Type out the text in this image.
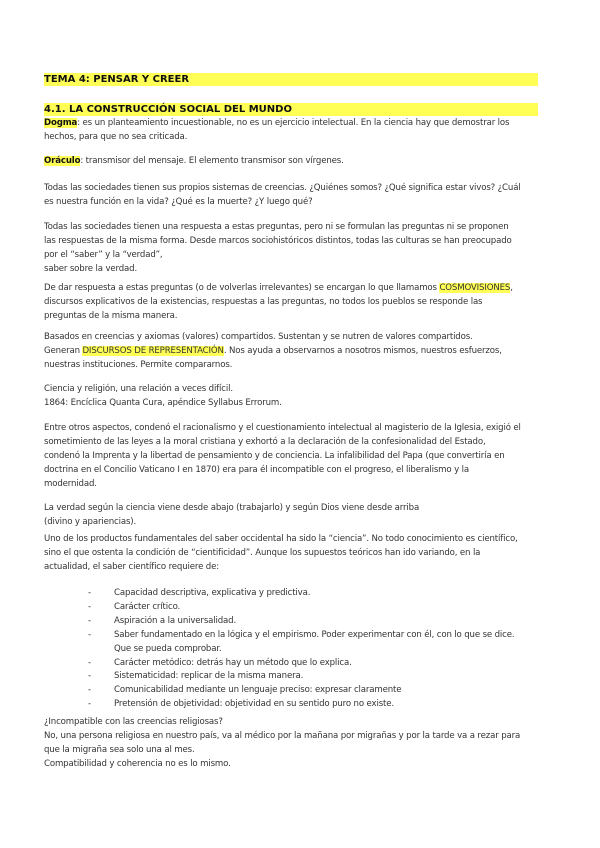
TEMA 4: PENSAR Y CREER
4.1. LA CONSTRUCCIÓN SOCIAL DEL MUNDO
Dogma: es un planteamiento incuestionable, no es un ejercicio intelectual. En la ciencia hay que demostrar los
hechos, para que no sea criticada.
Oráculo: transmisor del mensaje. El elemento transmisor son vírgenes.
Todas las sociedades tienen sus propios sistemas de creencias. ¿Quiénes somos? ¿Qué significa estar vivos? ¿Cuál
es nuestra función en la vida? ¿Qué es la muerte? ¿Y luego qué?
Todas las sociedades tienen una respuesta a estas preguntas, pero ni se formulan las preguntas ni se proponen
las respuestas de la misma forma. Desde marcos sociohistóricos distintos, todas las culturas se han preocupado
por el “saber” y la “verdad”,
saber sobre la verdad.
De dar respuesta a estas preguntas (o de volverlas irrelevantes) se encargan lo que llamamos COSMOVISIONES,
discursos explicativos de la existencias, respuestas a las preguntas, no todos los pueblos se responde las
preguntas de la misma manera.
Basados en creencias y axiomas (valores) compartidos. Sustentan y se nutren de valores compartidos.
Generan DISCURSOS DE REPRESENTACIÓN. Nos ayuda a observarnos a nosotros mismos, nuestros esfuerzos,
nuestras instituciones. Permite compararnos.
Ciencia y religión, una relación a veces difícil.
1864: Encíclica Quanta Cura, apéndice Syllabus Errorum.
Entre otros aspectos, condenó el racionalismo y el cuestionamiento intelectual al magisterio de la Iglesia, exigió el
sometimiento de las leyes a la moral cristiana y exhortó a la declaración de la confesionalidad del Estado,
condenó la Imprenta y la libertad de pensamiento y de conciencia. La infalibilidad del Papa (que convertiría en
doctrina en el Concilio Vaticano I en 1870) era para él incompatible con el progreso, el liberalismo y la
modernidad.
La verdad según la ciencia viene desde abajo (trabajarlo) y según Dios viene desde arriba
(divino y apariencias).
Uno de los productos fundamentales del saber occidental ha sido la “ciencia”. No todo conocimiento es científico,
sino el que ostenta la condición de “cientificidad”. Aunque los supuestos teóricos han ido variando, en la
actualidad, el saber científico requiere de:
-	Capacidad descriptiva, explicativa y predictiva.
-	Carácter crítico.
-	Aspiración a la universalidad.
-	Saber fundamentado en la lógica y el empirismo. Poder experimentar con él, con lo que se dice.
Que se pueda comprobar.
-	Carácter metódico: detrás hay un método que lo explica.
-	Sistematicidad: replicar de la misma manera.
-	Comunicabilidad mediante un lenguaje preciso: expresar claramente
-	Pretensión de objetividad: objetividad en su sentido puro no existe.
¿Incompatible con las creencias religiosas?
No, una persona religiosa en nuestro país, va al médico por la mañana por migrañas y por la tarde va a rezar para
que la migraña sea solo una al mes.
Compatibilidad y coherencia no es lo mismo.
